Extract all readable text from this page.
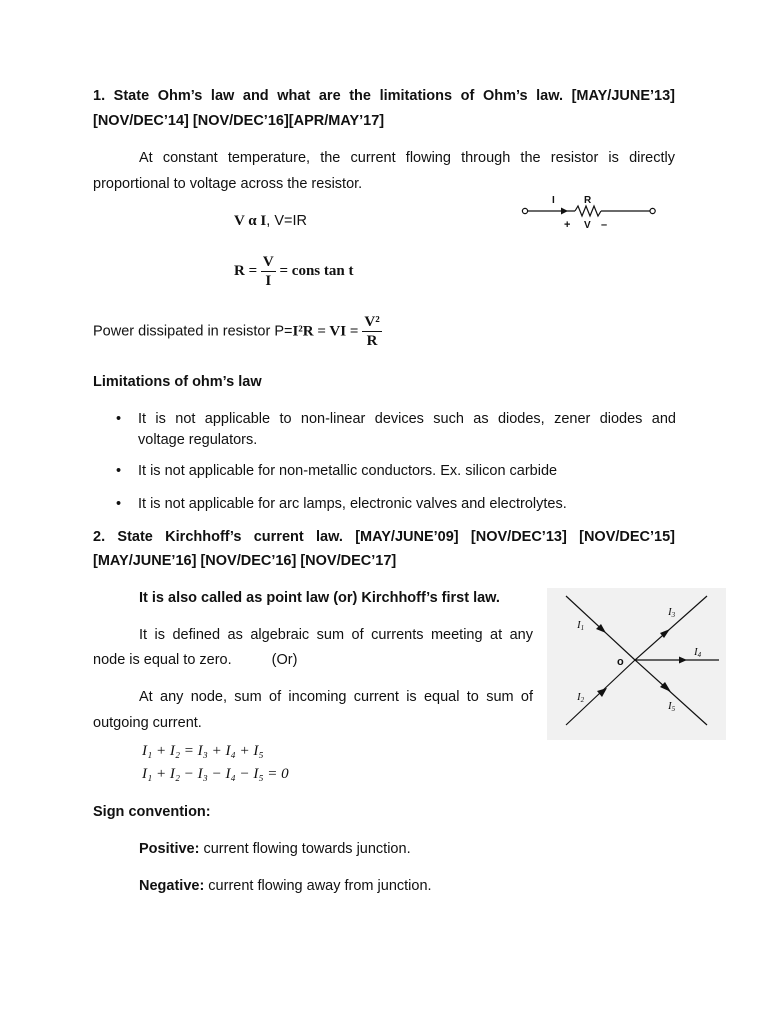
1. State Ohm’s law and what are the limitations of Ohm’s law. [MAY/JUNE’13]
[NOV/DEC’14] [NOV/DEC’16][APR/MAY’17]
At constant temperature, the current flowing through the resistor is directly
proportional to voltage across the resistor.
I	R
+ V –
V α I, V=IR
$R = \frac{V}{I}$ = cons tan t
Power dissipated in resistor P=I²R = VI = $\frac{\text{V²}}{R}$
Limitations of ohm’s law
• It is not applicable to non-linear devices such as diodes, zener diodes and
voltage regulators.
• It is not applicable for non-metallic conductors. Ex. silicon carbide
• It is not applicable for arc lamps, electronic valves and electrolytes.
2. State Kirchhoff’s current law. [MAY/JUNE’09] [NOV/DEC’13] [NOV/DEC’15]
[MAY/JUNE’16] [NOV/DEC’16] [NOV/DEC’17]
It is also called as point law (or) Kirchhoff’s first law.
It is defined as algebraic sum of currents meeting at any
node is equal to zero.	(Or)
At any node, sum of incoming current is equal to sum of
outgoing current.
I₁ + I₂ = I₃ + I₄ + I₅
I₁ + I₂ − I₃ − I₄ − I₅ = 0
o
I1
I2
I3
I4
I5
Sign convention:
Positive: current flowing towards junction.
Negative: current flowing away from junction.
